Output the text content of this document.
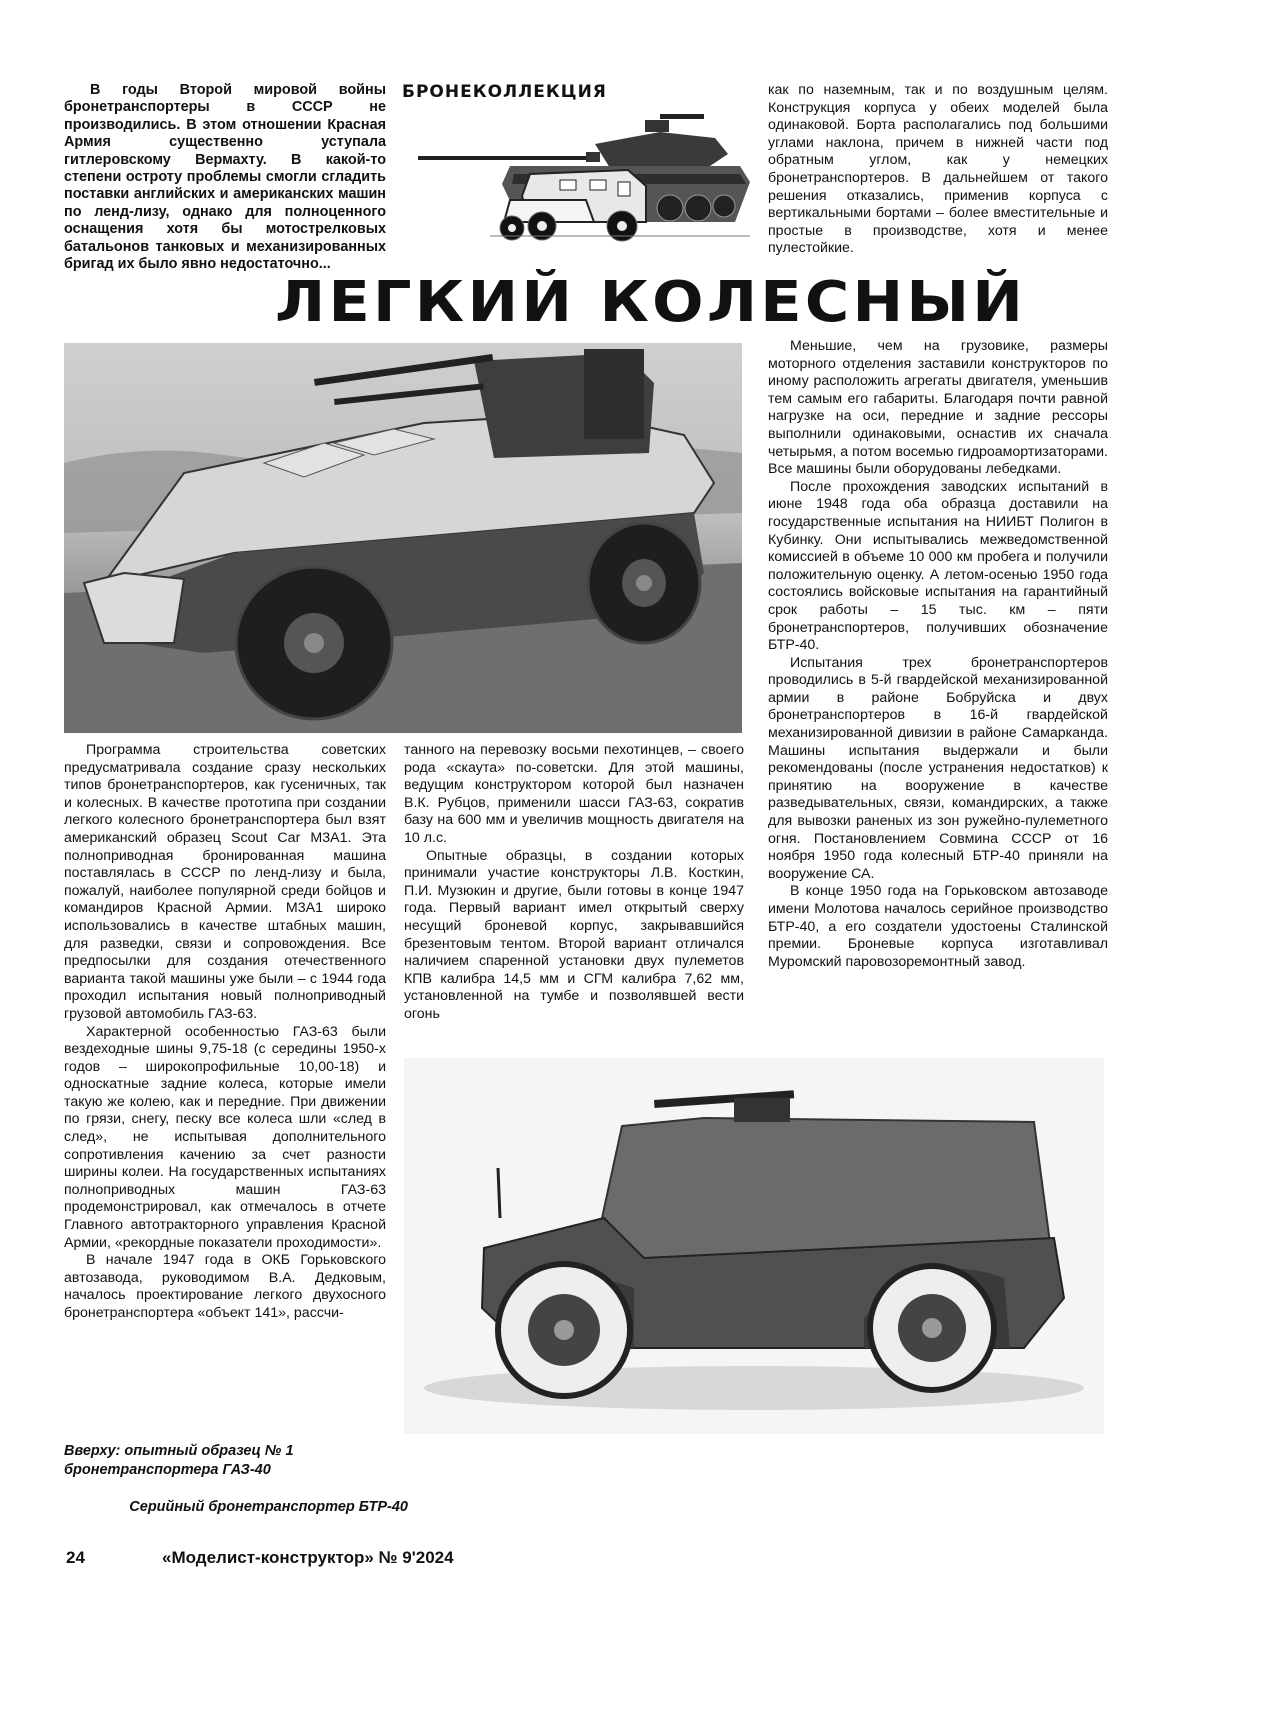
В годы Второй мировой войны бронетранспортеры в СССР не производились. В этом отношении Красная Армия существенно уступала гитлеровскому Вермахту. В какой-то степени остроту проблемы смогли сгладить поставки английских и американских машин по ленд-лизу, однако для полноценного оснащения хотя бы мотострелковых батальонов танковых и механизированных бригад их было явно недостаточно...

БРОНЕКОЛЛЕКЦИЯ	как по наземным, так и по воздушным целям. Конструкция корпуса у обеих моделей была одинаковой. Борта располагались под большими углами наклона, причем в нижней части под обратным углом, как у немецких бронетранспортеров. В дальнейшем от такого решения отказались, применив корпуса с вертикальными бортами – более вместительные и простые в производстве, хотя и менее пулестойкие.

ЛЕГКИЙ КОЛЕСНЫЙ

Меньшие, чем на грузовике, размеры моторного отделения заставили конструкторов по иному расположить агрегаты двигателя, уменьшив тем самым его габариты. Благодаря почти равной нагрузке на оси, передние и задние рессоры выполнили одинаковыми, оснастив их сначала четырьмя, а потом восемью гидроамортизаторами. Все машины были оборудованы лебедками.

После прохождения заводских испытаний в июне 1948 года оба образца доставили на государственные испытания на НИИБТ Полигон в Кубинку. Они испытывались межведомственной комиссией в объеме 10 000 км пробега и получили положительную оценку. А летом-осенью 1950 года состоялись войсковые испытания на гарантийный срок работы – 15 тыс. км – пяти бронетранспортеров, получивших обозначение БТР-40.

Испытания трех бронетранспортеров проводились в 5-й гвардейской механизированной армии в районе Бобруйска и двух бронетранспортеров в 16-й гвардейской механизированной дивизии в районе Самарканда. Машины испытания выдержали и были рекомендованы (после устранения недостатков) к принятию на вооружение в качестве разведывательных, связи, командирских, а также для вывозки раненых из зон ружейно-пулеметного огня. Постановлением Совмина СССР от 16 ноября 1950 года колесный БТР-40 приняли на вооружение СА.

В конце 1950 года на Горьковском автозаводе имени Молотова началось серийное производство БТР-40, а его создатели удостоены Сталинской премии. Броневые корпуса изготавливал Муромский паровозоремонтный завод.

Программа строительства советских предусматривала создание сразу нескольких типов бронетранспортеров, как гусеничных, так и колесных. В качестве прототипа при создании легкого колесного бронетранспортера был взят американский образец Scout Car M3A1. Эта полноприводная бронированная машина поставлялась в СССР по ленд-лизу и была, пожалуй, наиболее популярной среди бойцов и командиров Красной Армии. M3A1 широко использовались в качестве штабных машин, для разведки, связи и сопровождения. Все предпосылки для создания отечественного варианта такой машины уже были – с 1944 года проходил испытания новый полноприводный грузовой автомобиль ГАЗ-63.

Характерной особенностью ГАЗ-63 были вездеходные шины 9,75-18 (с середины 1950-х годов – широкопрофильные 10,00-18) и односкатные задние колеса, которые имели такую же колею, как и передние. При движении по грязи, снегу, песку все колеса шли «след в след», не испытывая дополнительного сопротивления качению за счет разности ширины колеи. На государственных испытаниях полноприводных машин ГАЗ-63 продемонстрировал, как отмечалось в отчете Главного автотракторного управления Красной Армии, «рекордные показатели проходимости».

В начале 1947 года в ОКБ Горьковского автозавода, руководимом В.А. Дедковым, началось проектирование легкого двухосного бронетранспортера «объект 141», рассчи-

танного на перевозку восьми пехотинцев, – своего рода «скаута» по-советски. Для этой машины, ведущим конструктором которой был назначен В.К. Рубцов, применили шасси ГАЗ-63, сократив базу на 600 мм и увеличив мощность двигателя на 10 л.с.

Опытные образцы, в создании которых принимали участие конструкторы Л.В. Косткин, П.И. Музюкин и другие, были готовы в конце 1947 года. Первый вариант имел открытый сверху несущий броневой корпус, закрывавшийся брезентовым тентом. Второй вариант отличался наличием спаренной установки двух пулеметов КПВ калибра 14,5 мм и СГМ калибра 7,62 мм, установленной на тумбе и позволявшей вести огонь

Вверху: опытный образец № 1 бронетранспортера ГАЗ-40

Серийный бронетранспортер БТР-40

24	«Моделист-конструктор» № 9'2024
